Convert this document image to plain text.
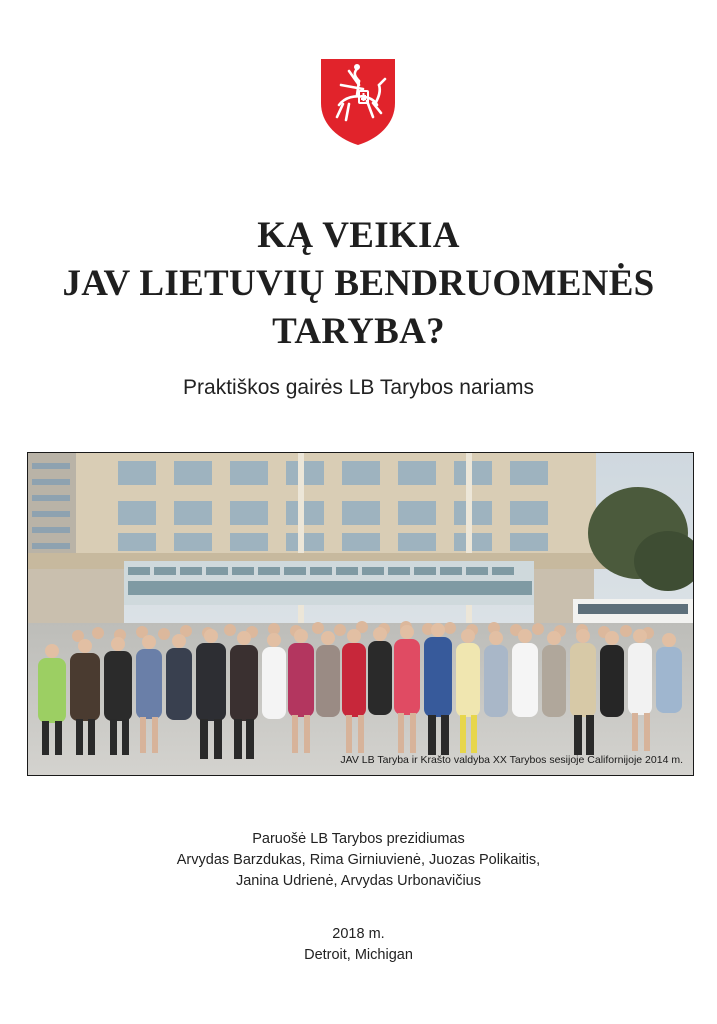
KĄ VEIKIA
JAV LIETUVIŲ BENDRUOMENĖS
TARYBA?
Praktiškos gairės LB Tarybos nariams
JAV LB Taryba ir Krašto valdyba XX Tarybos sesijoje Californijoje 2014 m.
Paruošė LB Tarybos prezidiumas
Arvydas Barzdukas, Rima Girniuvienė, Juozas Polikaitis,
Janina Udrienė, Arvydas Urbonavičius
2018 m.
Detroit, Michigan
